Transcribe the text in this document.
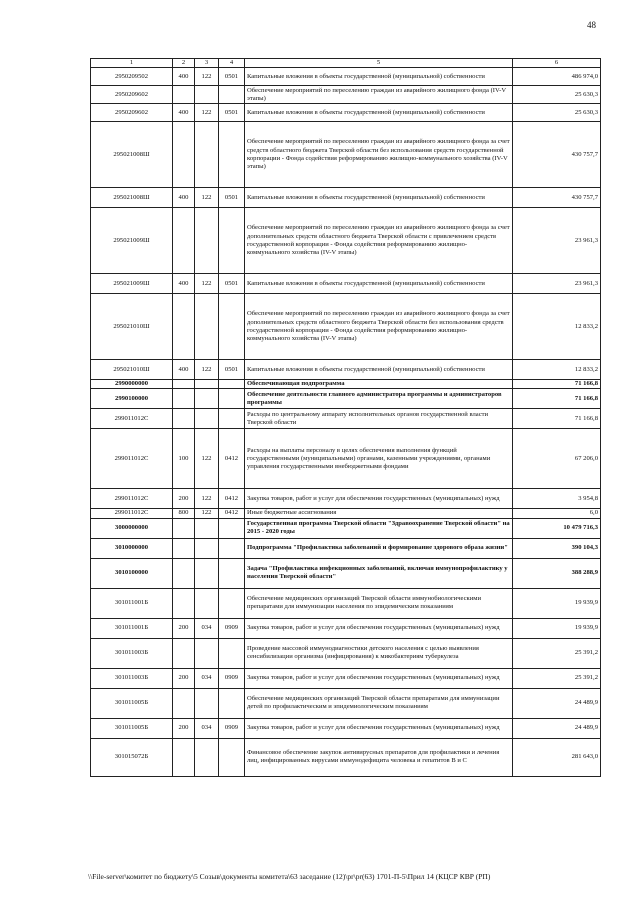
48
1	2	3	4	5	6
2950209502	400	122	0501	Капитальные вложения в объекты государственной (муниципальной) собственности	486 974,0
2950209602				Обеспечение мероприятий по переселению граждан из аварийного жилищного фонда (IV-V этапы)	25 630,3
2950209602	400	122	0501	Капитальные вложения в объекты государственной (муниципальной) собственности	25 630,3
295021008Ш				Обеспечение мероприятий по переселению граждан из аварийного жилищного фонда за счет средств областного бюджета Тверской области без использования средств государственной корпорации - Фонда содействия реформированию жилищно-коммунального хозяйства (IV-V этапы)	430 757,7
295021008Ш	400	122	0501	Капитальные вложения в объекты государственной (муниципальной) собственности	430 757,7
295021009Ш				Обеспечение мероприятий по переселению граждан из аварийного жилищного фонда за счет дополнительных средств областного бюджета Тверской области с привлечением средств государственной корпорации - Фонда содействия реформированию жилищно-коммунального хозяйства (IV-V этапы)	23 961,3
295021009Ш	400	122	0501	Капитальные вложения в объекты государственной (муниципальной) собственности	23 961,3
295021010Ш				Обеспечение мероприятий по переселению граждан из аварийного жилищного фонда за счет дополнительных средств областного бюджета Тверской области без использования средств государственной корпорации - Фонда содействия реформированию жилищно-коммунального хозяйства (IV-V этапы)	12 833,2
295021010Ш	400	122	0501	Капитальные вложения в объекты государственной (муниципальной) собственности	12 833,2
2990000000				Обеспечивающая подпрограмма	71 166,8
2990100000				Обеспечение деятельности главного администратора программы и администраторов программы	71 166,8
299011012С				Расходы по центральному аппарату исполнительных органов государственной власти Тверской области	71 166,8
299011012С	100	122	0412	Расходы на выплаты персоналу в целях обеспечения выполнения функций государственными (муниципальными) органами, казенными учреждениями, органами управления государственными внебюджетными фондами	67 206,0
299011012С	200	122	0412	Закупка товаров, работ и услуг для обеспечения государственных (муниципальных) нужд	3 954,8
299011012С	800	122	0412	Иные бюджетные ассигнования	6,0
3000000000				Государственная программа Тверской области "Здравоохранение Тверской области" на 2015 - 2020 годы	10 479 716,3
3010000000				Подпрограмма "Профилактика заболеваний и формирование здорового образа жизни"	390 104,3
3010100000				Задача "Профилактика инфекционных заболеваний, включая иммунопрофилактику у населения Тверской области"	388 288,9
301011001Б				Обеспечение медицинских организаций Тверской области иммунобиологическими препаратами для иммунизации населения по эпидемическим показаниям	19 939,9
301011001Б	200	034	0909	Закупка товаров, работ и услуг для обеспечения государственных (муниципальных) нужд	19 939,9
301011003Б				Проведение массовой иммунодиагностики детского населения с целью выявления сенсибилизации организма (инфицирования) к микобактериям туберкулеза	25 391,2
301011003Б	200	034	0909	Закупка товаров, работ и услуг для обеспечения государственных (муниципальных) нужд	25 391,2
301011005Б				Обеспечение медицинских организаций Тверской области препаратами для иммунизации детей по профилактическим и эпидемиологическим показаниям	24 489,9
301011005Б	200	034	0909	Закупка товаров, работ и услуг для обеспечения государственных (муниципальных) нужд	24 489,9
301015072Б				Финансовое обеспечение закупок антивирусных препаратов для профилактики и лечения лиц, инфицированных вирусами иммунодефицита человека и гепатитов В и С	281 643,0
\\File-server\комитет по бюджету\5 Созыв\документы комитета\63 заседание (12)\pr\pr(63) 1701-П-5\Прил 14 (КЦСР КВР (РП)
